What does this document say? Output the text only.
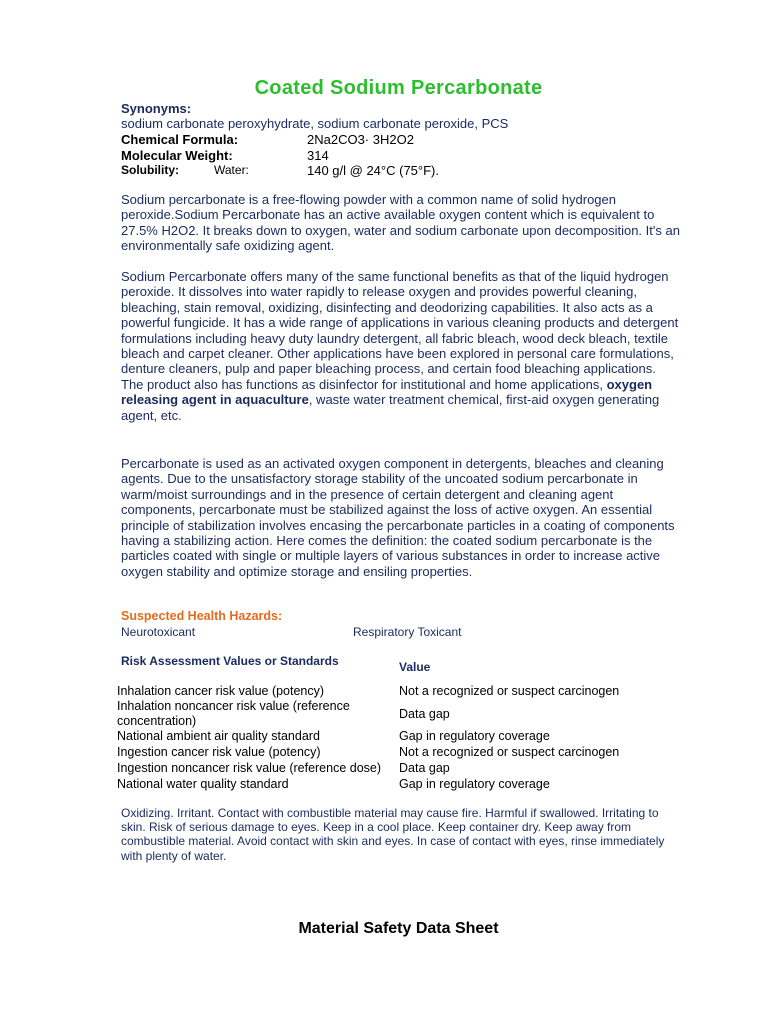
Coated Sodium Percarbonate
Synonyms:
sodium carbonate peroxyhydrate, sodium carbonate peroxide, PCS
Chemical Formula:	2Na2CO3· 3H2O2
Molecular Weight:	314
Solubility:	Water:	140 g/l @ 24°C (75°F).
Sodium percarbonate is a free-flowing powder with a common name of solid hydrogen peroxide.Sodium Percarbonate has an active available oxygen content which is equivalent to 27.5% H2O2. It breaks down to oxygen, water and sodium carbonate upon decomposition. It's an environmentally safe oxidizing agent.
Sodium Percarbonate offers many of the same functional benefits as that of the liquid hydrogen peroxide. It dissolves into water rapidly to release oxygen and provides powerful cleaning, bleaching, stain removal, oxidizing, disinfecting and deodorizing capabilities. It also acts as a powerful fungicide. It has a wide range of applications in various cleaning products and detergent formulations including heavy duty laundry detergent, all fabric bleach, wood deck bleach, textile bleach and carpet cleaner. Other applications have been explored in personal care formulations, denture cleaners, pulp and paper bleaching process, and certain food bleaching applications. The product also has functions as disinfector for institutional and home applications, oxygen releasing agent in aquaculture, waste water treatment chemical, first-aid oxygen generating agent, etc.
Percarbonate is used as an activated oxygen component in detergents, bleaches and cleaning agents. Due to the unsatisfactory storage stability of the uncoated sodium percarbonate in warm/moist surroundings and in the presence of certain detergent and cleaning agent components, percarbonate must be stabilized against the loss of active oxygen. An essential principle of stabilization involves encasing the percarbonate particles in a coating of components having a stabilizing action. Here comes the definition: the coated sodium percarbonate is the particles coated with single or multiple layers of various substances in order to increase active oxygen stability and optimize storage and ensiling properties.
Suspected Health Hazards:
Neurotoxicant	Respiratory Toxicant
Risk Assessment Values or Standards	Value
Inhalation cancer risk value (potency)	Not a recognized or suspect carcinogen
Inhalation noncancer risk value (reference concentration)	Data gap
National ambient air quality standard	Gap in regulatory coverage
Ingestion cancer risk value (potency)	Not a recognized or suspect carcinogen
Ingestion noncancer risk value (reference dose) Data gap
National water quality standard	Gap in regulatory coverage
Oxidizing. Irritant. Contact with combustible material may cause fire. Harmful if swallowed. Irritating to skin. Risk of serious damage to eyes. Keep in a cool place. Keep container dry. Keep away from combustible material. Avoid contact with skin and eyes. In case of contact with eyes, rinse immediately with plenty of water.
Material Safety Data Sheet
